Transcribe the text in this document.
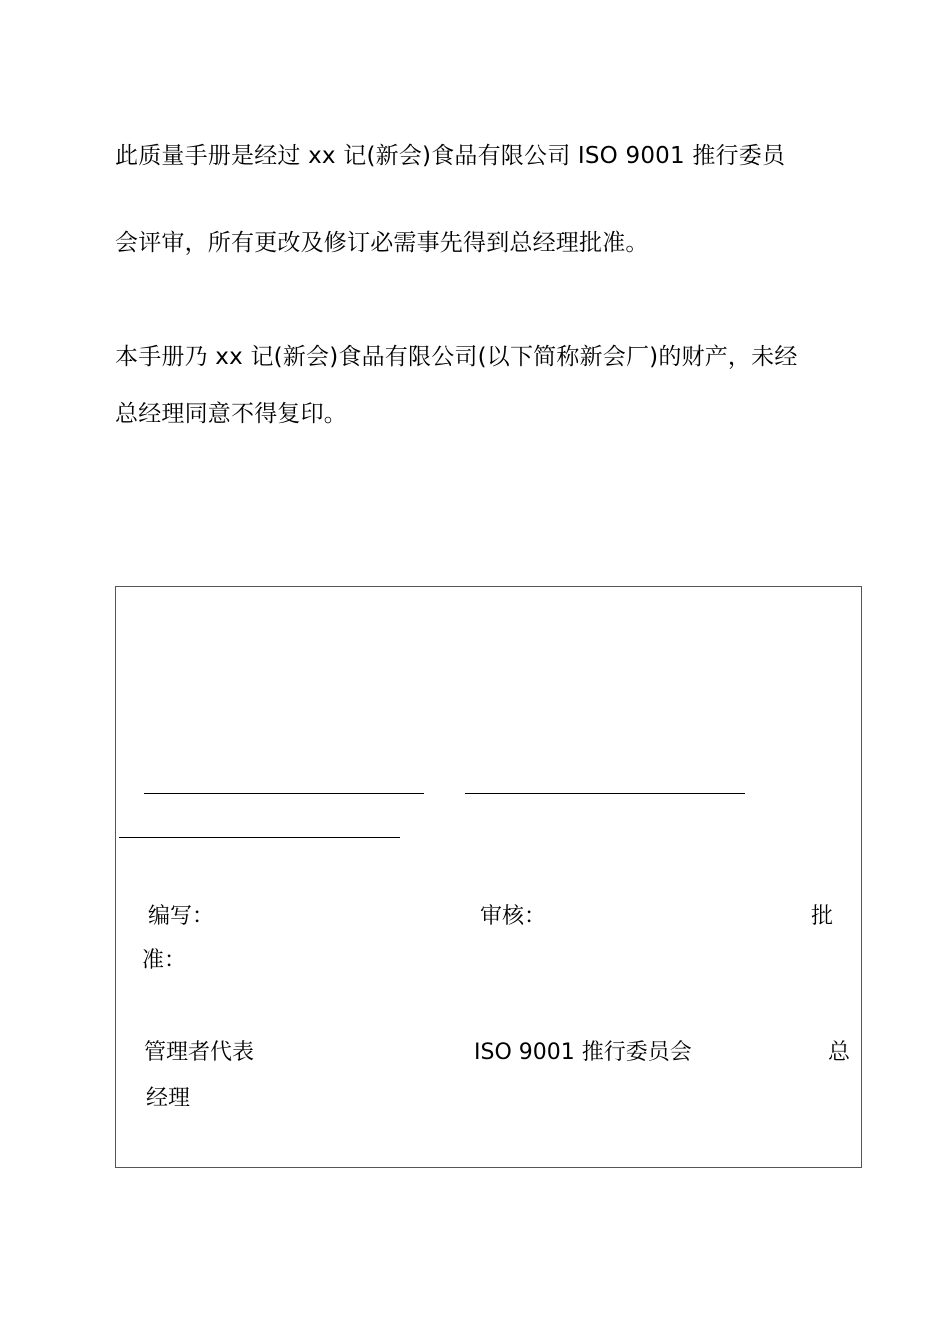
此质量手册是经过 xx 记(新会)食品有限公司 ISO 9001 推行委员
会评审，所有更改及修订必需事先得到总经理批准。
本手册乃 xx 记(新会)食品有限公司(以下简称新会厂)的财产，未经
总经理同意不得复印。
编写：	审核：	批
准：
管理者代表	ISO 9001 推行委员会	总
经理
